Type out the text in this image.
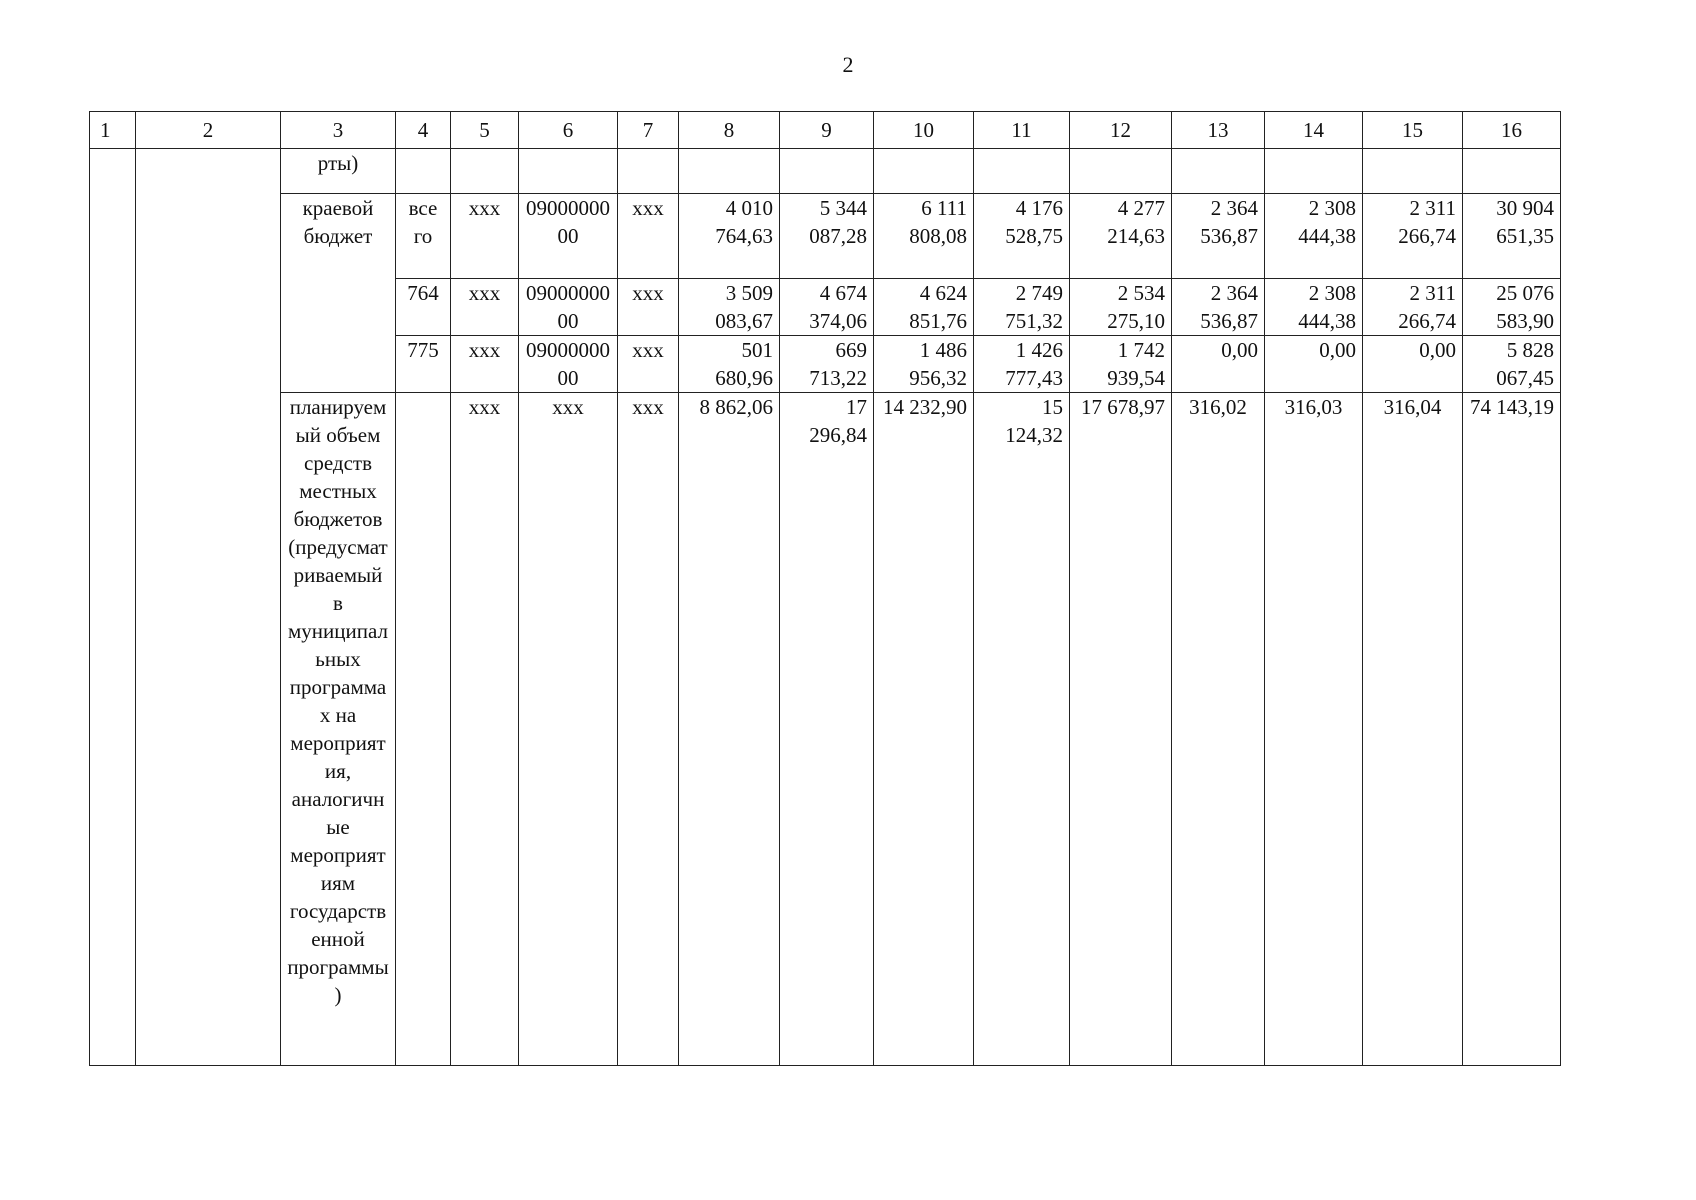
2
1	2	3	4	5	6	7	8	9	10	11	12	13	14	15	16
		рты)													
		краевой бюджет	все го	ххх	0900000000	ххх	4 010 764,63	5 344 087,28	6 111 808,08	4 176 528,75	4 277 214,63	2 364 536,87	2 308 444,38	2 311 266,74	30 904 651,35
			764	ххх	0900000000	ххх	3 509 083,67	4 674 374,06	4 624 851,76	2 749 751,32	2 534 275,10	2 364 536,87	2 308 444,38	2 311 266,74	25 076 583,90
			775	ххх	0900000000	ххх	501 680,96	669 713,22	1 486 956,32	1 426 777,43	1 742 939,54	0,00	0,00	0,00	5 828 067,45
		планируемый объем средств местных бюджетов (предусматриваемый в муниципальных программах на мероприятия, аналогичные мероприятиям государственной программы)		ххх	ххх	ххх	8 862,06	17 296,84	14 232,90	15 124,32	17 678,97	316,02	316,03	316,04	74 143,19
